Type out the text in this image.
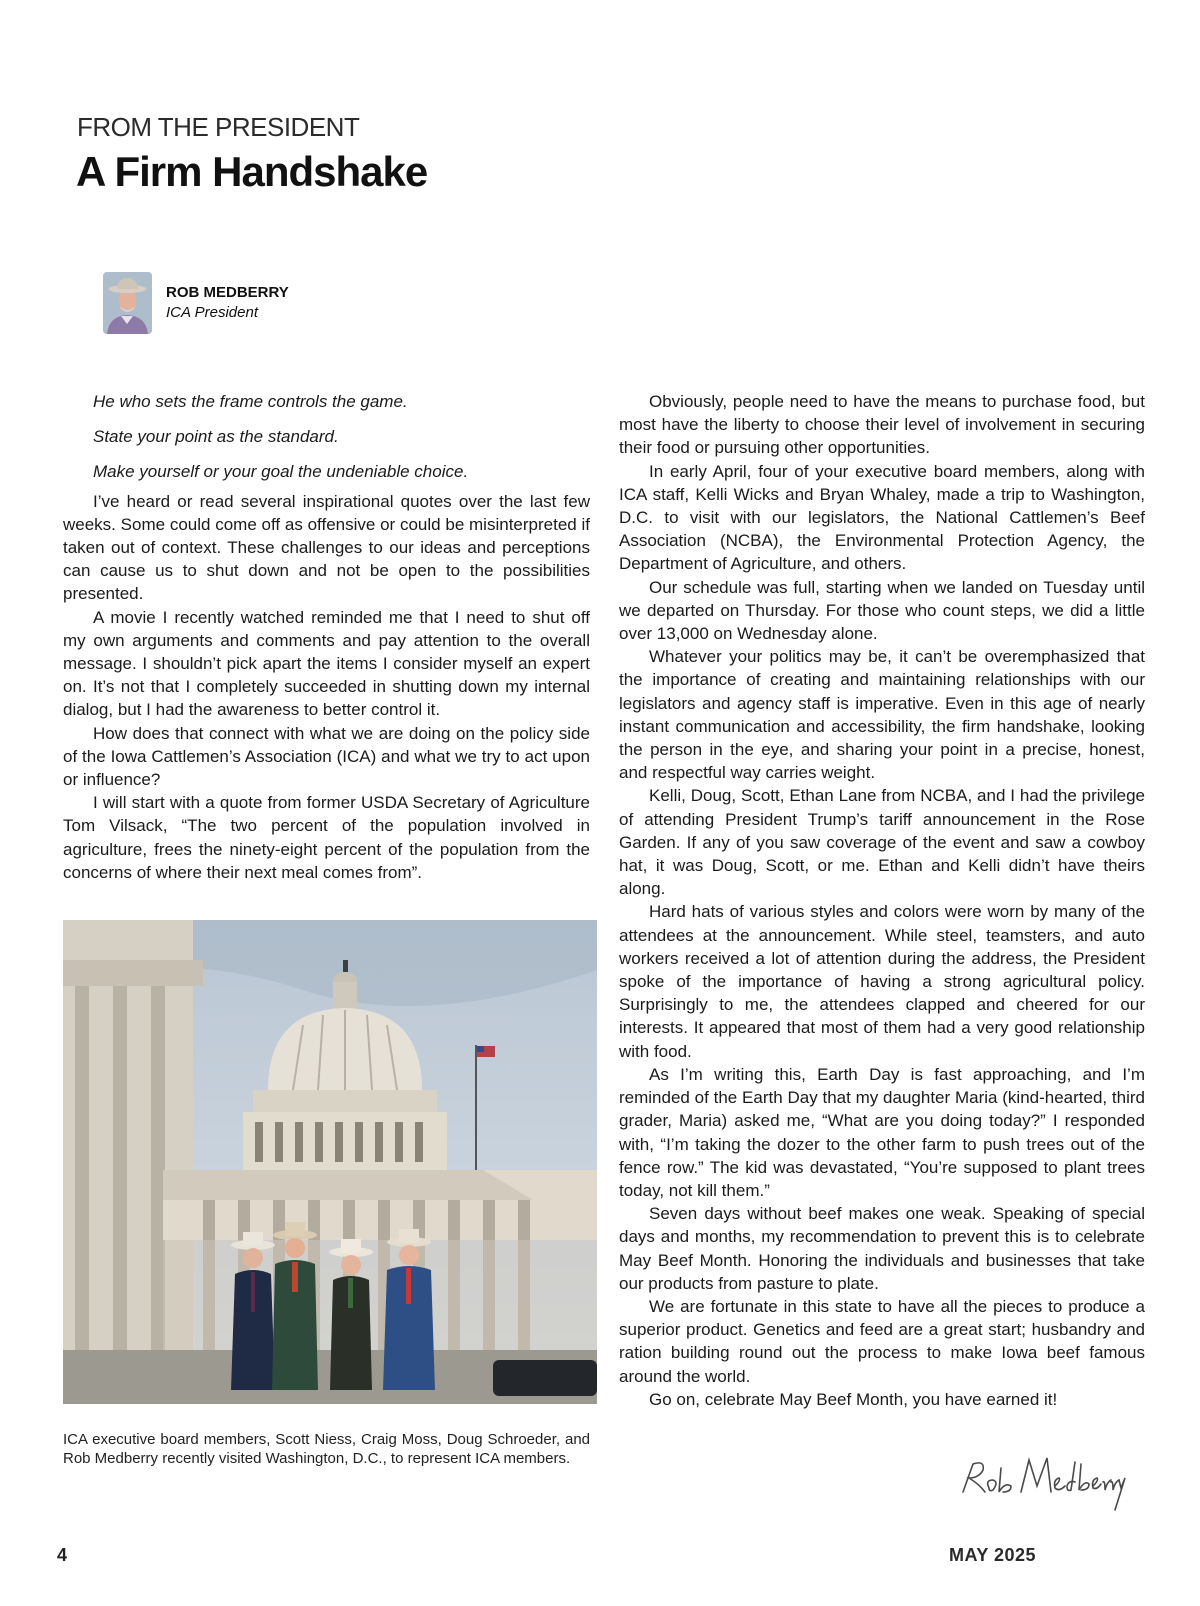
FROM THE PRESIDENT
A Firm Handshake
ROB MEDBERRY
ICA President

He who sets the frame controls the game.

State your point as the standard.

Make yourself or your goal the undeniable choice.

I’ve heard or read several inspirational quotes over the last few weeks. Some could come off as offensive or could be misinterpreted if taken out of context. These challenges to our ideas and perceptions can cause us to shut down and not be open to the possibilities presented.

A movie I recently watched reminded me that I need to shut off my own arguments and comments and pay attention to the overall message. I shouldn’t pick apart the items I consider myself an expert on. It’s not that I completely succeeded in shutting down my internal dialog, but I had the awareness to better control it.

How does that connect with what we are doing on the policy side of the Iowa Cattlemen’s Association (ICA) and what we try to act upon or influence?

I will start with a quote from former USDA Secretary of Agriculture Tom Vilsack, “The two percent of the population involved in agriculture, frees the ninety-eight percent of the population from the concerns of where their next meal comes from”.

ICA executive board members, Scott Niess, Craig Moss, Doug Schroeder, and Rob Medberry recently visited Washington, D.C., to represent ICA members.

Obviously, people need to have the means to purchase food, but most have the liberty to choose their level of involvement in securing their food or pursuing other opportunities.

In early April, four of your executive board members, along with ICA staff, Kelli Wicks and Bryan Whaley, made a trip to Washington, D.C. to visit with our legislators, the National Cattlemen’s Beef Association (NCBA), the Environmental Protection Agency, the Department of Agriculture, and others.

Our schedule was full, starting when we landed on Tuesday until we departed on Thursday. For those who count steps, we did a little over 13,000 on Wednesday alone.

Whatever your politics may be, it can’t be overemphasized that the importance of creating and maintaining relationships with our legislators and agency staff is imperative. Even in this age of nearly instant communication and accessibility, the firm handshake, looking the person in the eye, and sharing your point in a precise, honest, and respectful way carries weight.

Kelli, Doug, Scott, Ethan Lane from NCBA, and I had the privilege of attending President Trump’s tariff announcement in the Rose Garden. If any of you saw coverage of the event and saw a cowboy hat, it was Doug, Scott, or me. Ethan and Kelli didn’t have theirs along.

Hard hats of various styles and colors were worn by many of the attendees at the announcement. While steel, teamsters, and auto workers received a lot of attention during the address, the President spoke of the importance of having a strong agricultural policy. Surprisingly to me, the attendees clapped and cheered for our interests. It appeared that most of them had a very good relationship with food.

As I’m writing this, Earth Day is fast approaching, and I’m reminded of the Earth Day that my daughter Maria (kind-hearted, third grader, Maria) asked me, “What are you doing today?” I responded with, “I’m taking the dozer to the other farm to push trees out of the fence row.” The kid was devastated, “You’re supposed to plant trees today, not kill them.”

Seven days without beef makes one weak. Speaking of special days and months, my recommendation to prevent this is to celebrate May Beef Month. Honoring the individuals and businesses that take our products from pasture to plate.

We are fortunate in this state to have all the pieces to produce a superior product. Genetics and feed are a great start; husbandry and ration building round out the process to make Iowa beef famous around the world.

Go on, celebrate May Beef Month, you have earned it!

4	MAY 2025
